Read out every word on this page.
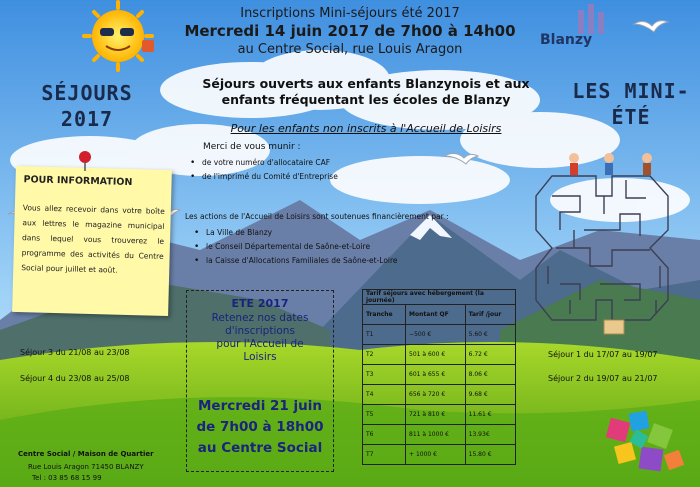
Inscriptions Mini-séjours été 2017
Mercredi 14 juin 2017 de 7h00 à 14h00
au Centre Social, rue Louis Aragon
Blanzy
SÉJOURS
2017
LES MINI-
ÉTÉ
Séjours ouverts aux enfants Blanzynois et aux
enfants fréquentant les écoles de Blanzy
Pour les enfants non inscrits à l'Accueil de Loisirs
Merci de vous munir :
• de votre numéro d'allocataire CAF
• de l'imprimé du Comité d'Entreprise
Les actions de l'Accueil de Loisirs sont soutenues financièrement par :
• La Ville de Blanzy
• le Conseil Départemental de Saône-et-Loire
• la Caisse d'Allocations Familiales de Saône-et-Loire
POUR INFORMATION
Vous allez recevoir dans votre boîte aux lettres le magazine municipal dans lequel vous trouverez le programme des activités du Centre Social pour juillet et août.
ETE 2017
Retenez nos dates
d'inscriptions
pour l'Accueil de
Loisirs
Mercredi 21 juin
de 7h00 à 18h00
au Centre Social
Tarif séjours avec hébergement (la journée)		
Tranche	Montant QF	Tarif /jour
T1	−500 €	5.60 €
T2	501 à 600 €	6.72 €
T3	601 à 655 €	8.06 €
T4	656 à 720 €	9.68 €
T5	721 à 810 €	11.61 €
T6	811 à 1000 €	13.93€
T7	+ 1000 €	15.80 €
Séjour 3 du 21/08 au 23/08
Séjour 4 du 23/08 au 25/08
Séjour 1 du 17/07 au 19/07
Séjour 2 du 19/07 au 21/07
Centre Social / Maison de Quartier
Rue Louis Aragon 71450 BLANZY
Tel : 03 85 68 15 99
